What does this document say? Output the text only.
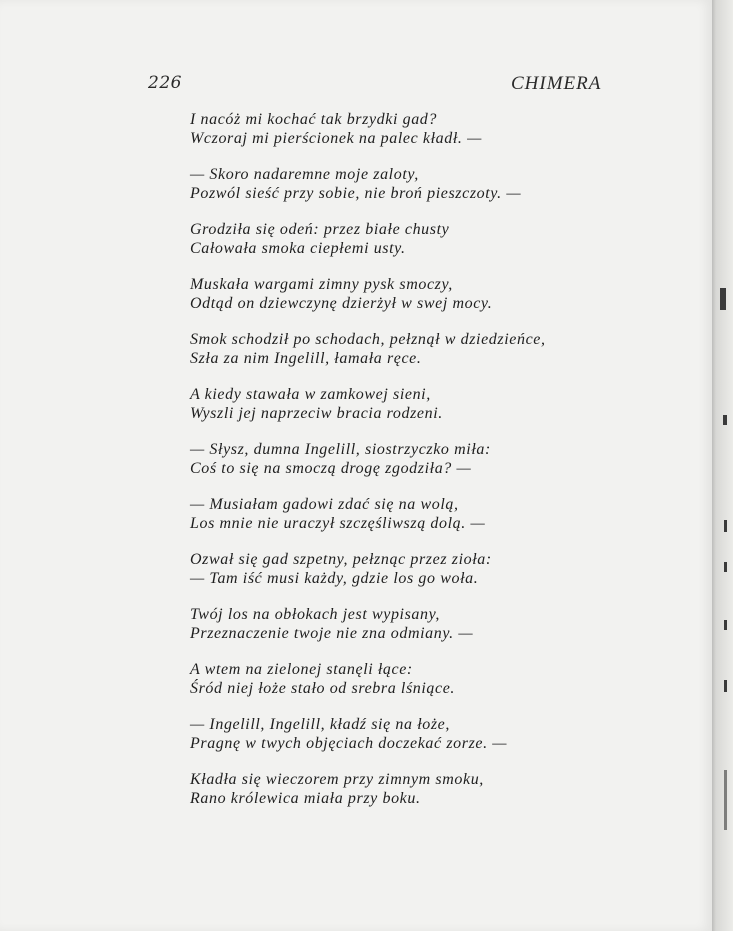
226	CHIMERA
I nacóż mi kochać tak brzydki gad?
Wczoraj mi pierścionek na palec kładł. —
— Skoro nadaremne moje zaloty,
Pozwól sieść przy sobie, nie broń pieszczoty. —
Grodziła się odeń: przez białe chusty
Całowała smoka ciepłemi usty.
Muskała wargami zimny pysk smoczy,
Odtąd on dziewczynę dzierżył w swej mocy.
Smok schodził po schodach, pełznął w dziedzieńce,
Szła za nim Ingelill, łamała ręce.
A kiedy stawała w zamkowej sieni,
Wyszli jej naprzeciw bracia rodzeni.
— Słysz, dumna Ingelill, siostrzyczko miła:
Coś to się na smoczą drogę zgodziła? —
— Musiałam gadowi zdać się na wolą,
Los mnie nie uraczył szczęśliwszą dolą. —
Ozwał się gad szpetny, pełznąc przez zioła:
— Tam iść musi każdy, gdzie los go woła.
Twój los na obłokach jest wypisany,
Przeznaczenie twoje nie zna odmiany. —
A wtem na zielonej stanęli łące:
Śród niej łoże stało od srebra lśniące.
— Ingelill, Ingelill, kładź się na łoże,
Pragnę w twych objęciach doczekać zorze. —
Kładła się wieczorem przy zimnym smoku,
Rano królewica miała przy boku.
